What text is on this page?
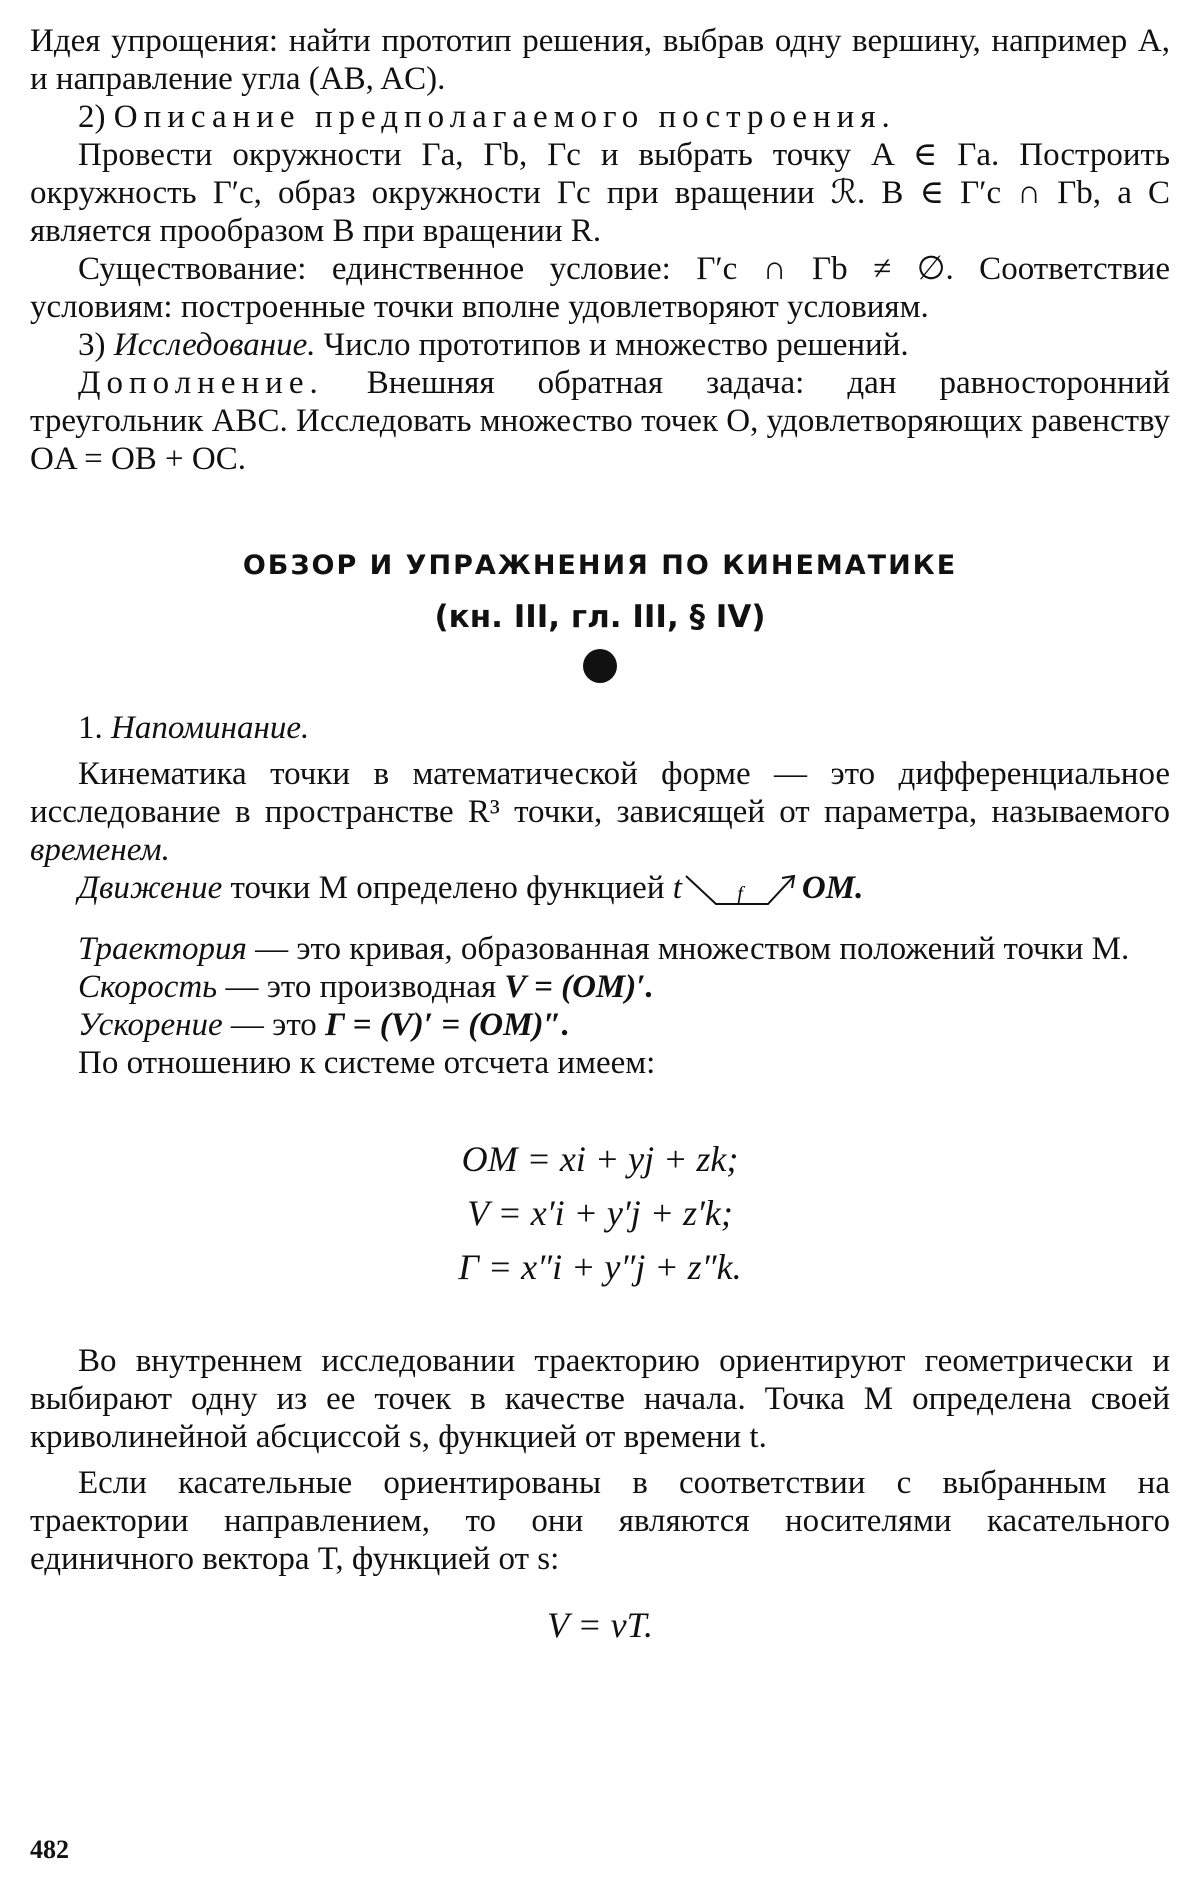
Идея упрощения: найти прототип решения, выбрав одну вершину, например A, и направление угла (AB, AC).

2) Описание предполагаемого построения.

Провести окружности Γa, Γb, Γc и выбрать точку A ∈ Γa. Построить окружность Γ′c, образ окружности Γc при вращении ℛ. B ∈ Γ′c ∩ Γb, а C является прообразом B при вращении R.

Существование: единственное условие: Γ′c ∩ Γb ≠ ∅. Соответствие условиям: построенные точки вполне удовлетворяют условиям.

3) Исследование. Число прототипов и множество решений.

Дополнение. Внешняя обратная задача: дан равносторонний треугольник ABC. Исследовать множество точек O, удовлетворяющих равенству OA = OB + OC.

ОБЗОР И УПРАЖНЕНИЯ ПО КИНЕМАТИКЕ

(кн. III, гл. III, § IV)

1. Напоминание.

Кинематика точки в математической форме — это дифференциальное исследование в пространстве R³ точки, зависящей от параметра, называемого временем.

Движение точки M определено функцией t	f OM.

Траектория — это кривая, образованная множеством положений точки M.

Скорость — это производная V = (OM)′.

Ускорение — это Γ = (V)′ = (OM)″.

По отношению к системе отсчета имеем:

OM = xi + yj + zk;

V = x′i + y′j + z′k;

Γ = x″i + y″j + z″k.

Во внутреннем исследовании траекторию ориентируют геометрически и выбирают одну из ее точек в качестве начала. Точка M определена своей криволинейной абсциссой s, функцией от времени t.

Если касательные ориентированы в соответствии с выбранным на траектории направлением, то они являются носителями касательного единичного вектора T, функцией от s:

V = vT.

482
